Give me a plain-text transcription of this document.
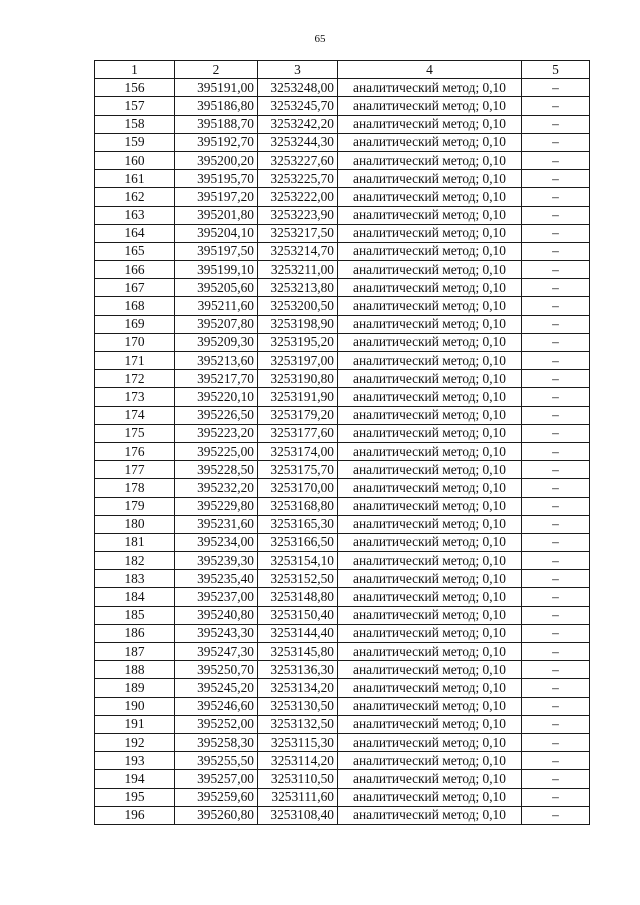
65
1	2	3	4	5
156	395191,00	3253248,00	аналитический метод; 0,10	–
157	395186,80	3253245,70	аналитический метод; 0,10	–
158	395188,70	3253242,20	аналитический метод; 0,10	–
159	395192,70	3253244,30	аналитический метод; 0,10	–
160	395200,20	3253227,60	аналитический метод; 0,10	–
161	395195,70	3253225,70	аналитический метод; 0,10	–
162	395197,20	3253222,00	аналитический метод; 0,10	–
163	395201,80	3253223,90	аналитический метод; 0,10	–
164	395204,10	3253217,50	аналитический метод; 0,10	–
165	395197,50	3253214,70	аналитический метод; 0,10	–
166	395199,10	3253211,00	аналитический метод; 0,10	–
167	395205,60	3253213,80	аналитический метод; 0,10	–
168	395211,60	3253200,50	аналитический метод; 0,10	–
169	395207,80	3253198,90	аналитический метод; 0,10	–
170	395209,30	3253195,20	аналитический метод; 0,10	–
171	395213,60	3253197,00	аналитический метод; 0,10	–
172	395217,70	3253190,80	аналитический метод; 0,10	–
173	395220,10	3253191,90	аналитический метод; 0,10	–
174	395226,50	3253179,20	аналитический метод; 0,10	–
175	395223,20	3253177,60	аналитический метод; 0,10	–
176	395225,00	3253174,00	аналитический метод; 0,10	–
177	395228,50	3253175,70	аналитический метод; 0,10	–
178	395232,20	3253170,00	аналитический метод; 0,10	–
179	395229,80	3253168,80	аналитический метод; 0,10	–
180	395231,60	3253165,30	аналитический метод; 0,10	–
181	395234,00	3253166,50	аналитический метод; 0,10	–
182	395239,30	3253154,10	аналитический метод; 0,10	–
183	395235,40	3253152,50	аналитический метод; 0,10	–
184	395237,00	3253148,80	аналитический метод; 0,10	–
185	395240,80	3253150,40	аналитический метод; 0,10	–
186	395243,30	3253144,40	аналитический метод; 0,10	–
187	395247,30	3253145,80	аналитический метод; 0,10	–
188	395250,70	3253136,30	аналитический метод; 0,10	–
189	395245,20	3253134,20	аналитический метод; 0,10	–
190	395246,60	3253130,50	аналитический метод; 0,10	–
191	395252,00	3253132,50	аналитический метод; 0,10	–
192	395258,30	3253115,30	аналитический метод; 0,10	–
193	395255,50	3253114,20	аналитический метод; 0,10	–
194	395257,00	3253110,50	аналитический метод; 0,10	–
195	395259,60	3253111,60	аналитический метод; 0,10	–
196	395260,80	3253108,40	аналитический метод; 0,10	–
